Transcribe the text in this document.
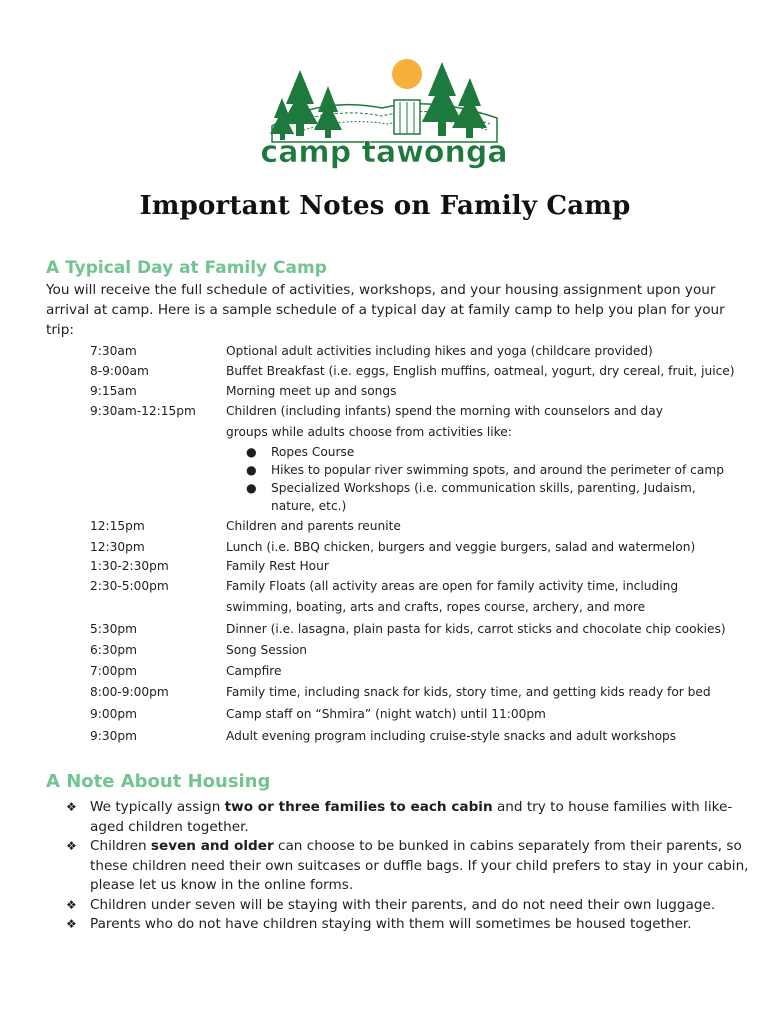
camp tawonga
Important Notes on Family Camp
A Typical Day at Family Camp
You will receive the full schedule of activities, workshops, and your housing assignment upon your arrival at camp. Here is a sample schedule of a typical day at family camp to help you plan for your trip:
7:30am	Optional adult activities including hikes and yoga (childcare provided)
8-9:00am	Buffet Breakfast (i.e. eggs, English muffins, oatmeal, yogurt, dry cereal, fruit, juice)
9:15am	Morning meet up and songs
9:30am-12:15pm Children (including infants) spend the morning with counselors and day groups while adults choose from activities like:
● Ropes Course
● Hikes to popular river swimming spots, and around the perimeter of camp
● Specialized Workshops (i.e. communication skills, parenting, Judaism, nature, etc.)
12:15pm	Children and parents reunite
12:30pm	Lunch (i.e. BBQ chicken, burgers and veggie burgers, salad and watermelon)
1:30-2:30pm	Family Rest Hour
2:30-5:00pm	Family Floats (all activity areas are open for family activity time, including swimming, boating, arts and crafts, ropes course, archery, and more
5:30pm	Dinner (i.e. lasagna, plain pasta for kids, carrot sticks and chocolate chip cookies)
6:30pm	Song Session
7:00pm	Campfire
8:00-9:00pm	Family time, including snack for kids, story time, and getting kids ready for bed
9:00pm	Camp staff on “Shmira” (night watch) until 11:00pm
9:30pm	Adult evening program including cruise-style snacks and adult workshops
A Note About Housing
❖ We typically assign two or three families to each cabin and try to house families with like-aged children together.
❖ Children seven and older can choose to be bunked in cabins separately from their parents, so these children need their own suitcases or duffle bags. If your child prefers to stay in your cabin, please let us know in the online forms.
❖ Children under seven will be staying with their parents, and do not need their own luggage.
❖ Parents who do not have children staying with them will sometimes be housed together.
